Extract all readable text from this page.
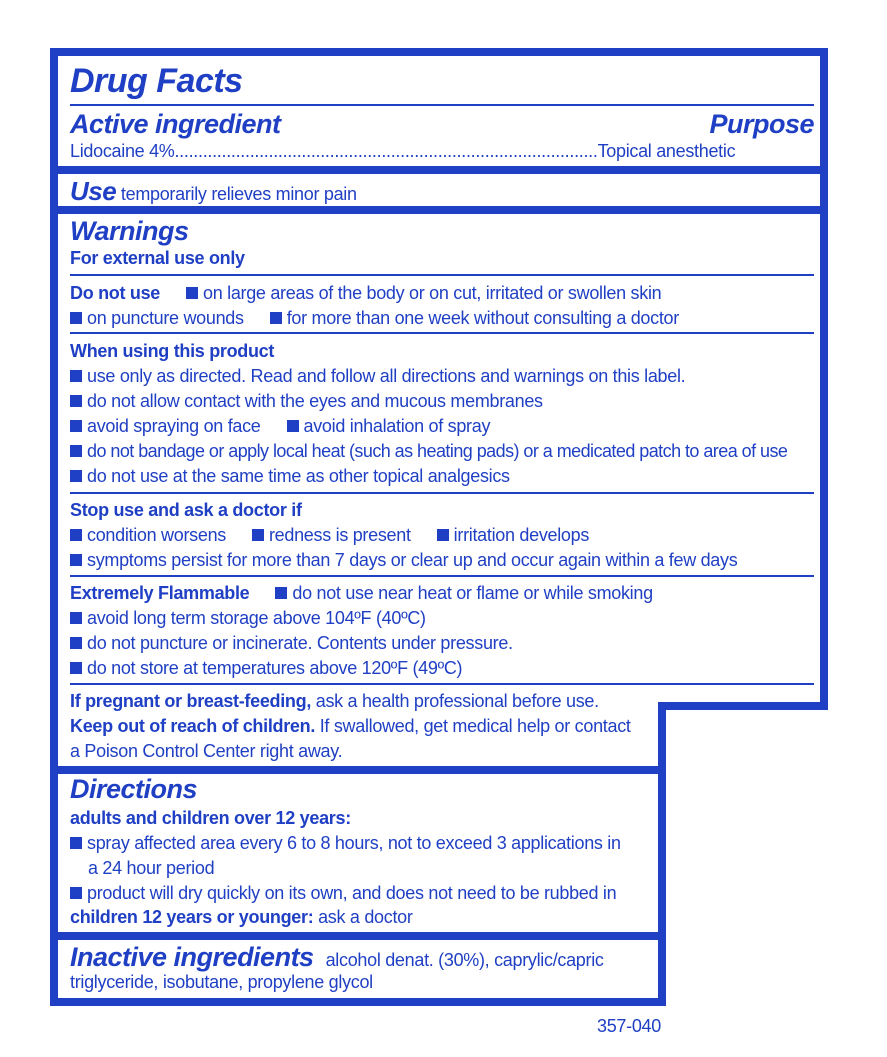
Drug Facts
Active ingredient	Purpose
Lidocaine 4%..........................................................................................Topical anesthetic
Use temporarily relieves minor pain
Warnings
For external use only
Do not use on large areas of the body or on cut, irritated or swollen skin
on puncture wounds for more than one week without consulting a doctor
When using this product
use only as directed. Read and follow all directions and warnings on this label.
do not allow contact with the eyes and mucous membranes
avoid spraying on face avoid inhalation of spray
do not bandage or apply local heat (such as heating pads) or a medicated patch to area of use
do not use at the same time as other topical analgesics
Stop use and ask a doctor if
condition worsens redness is present irritation develops
symptoms persist for more than 7 days or clear up and occur again within a few days
Extremely Flammable do not use near heat or flame or while smoking
avoid long term storage above 104ºF (40ºC)
do not puncture or incinerate. Contents under pressure.
do not store at temperatures above 120ºF (49ºC)
If pregnant or breast-feeding, ask a health professional before use.
Keep out of reach of children. If swallowed, get medical help or contact
a Poison Control Center right away.
Directions
adults and children over 12 years:
spray affected area every 6 to 8 hours, not to exceed 3 applications in
a 24 hour period
product will dry quickly on its own, and does not need to be rubbed in
children 12 years or younger: ask a doctor
Inactive ingredients alcohol denat. (30%), caprylic/capric
triglyceride, isobutane, propylene glycol
357-040
